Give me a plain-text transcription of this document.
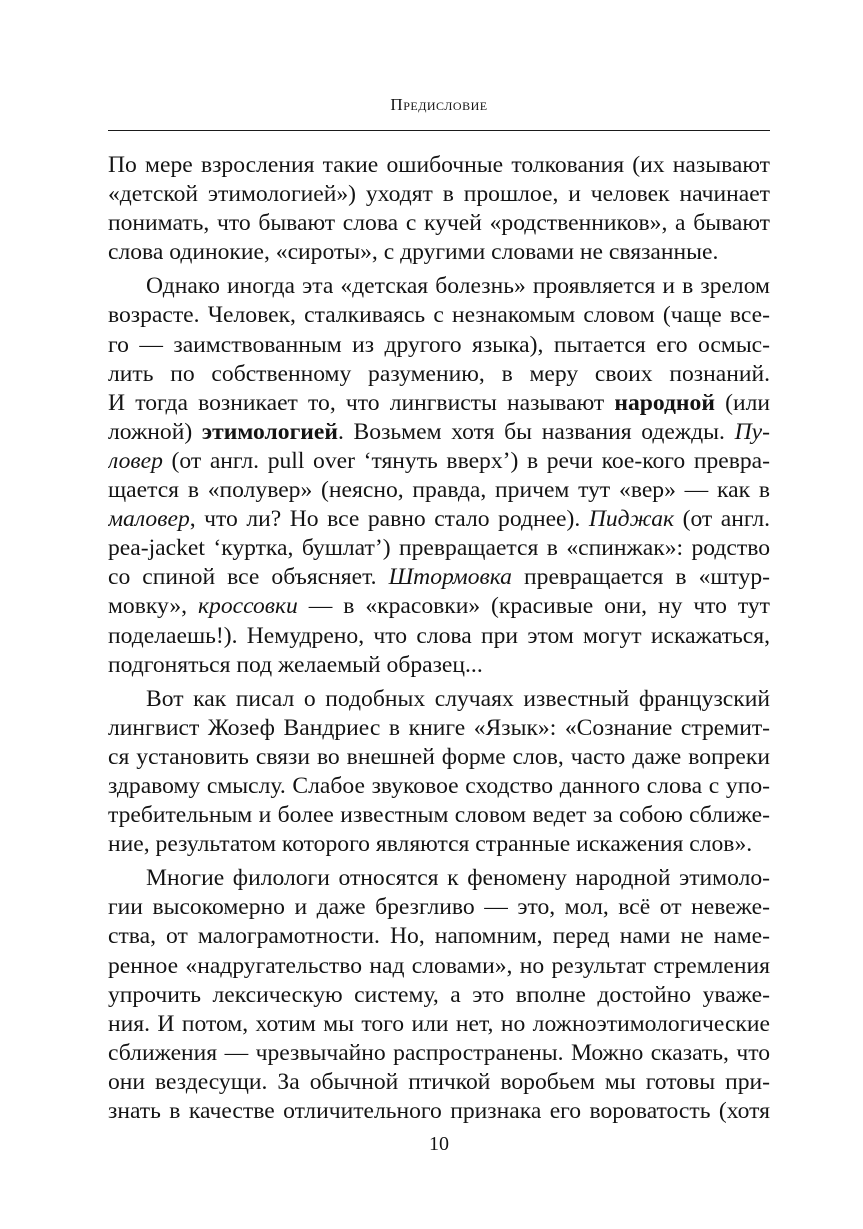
Предисловие
По мере взросления такие ошибочные толкования (их называют
«детской этимологией») уходят в прошлое, и человек начинает
понимать, что бывают слова с кучей «родственников», а бывают
слова одинокие, «сироты», с другими словами не связанные.
Однако иногда эта «детская болезнь» проявляется и в зрелом
возрасте. Человек, сталкиваясь с незнакомым словом (чаще все-
го — заимствованным из другого языка), пытается его осмыс-
лить по собственному разумению, в меру своих познаний.
И тогда возникает то, что лингвисты называют народной (или
ложной) этимологией. Возьмем хотя бы названия одежды. Пу-
ловер (от англ. pull over ‘тянуть вверх’) в речи кое-кого превра-
щается в «полувер» (неясно, правда, причем тут «вер» — как в
маловер, что ли? Но все равно стало роднее). Пиджак (от англ.
pea-jacket ‘куртка, бушлат’) превращается в «спинжак»: родство
со спиной все объясняет. Штормовка превращается в «штур-
мовку», кроссовки — в «красовки» (красивые они, ну что тут
поделаешь!). Немудрено, что слова при этом могут искажаться,
подгоняться под желаемый образец...
Вот как писал о подобных случаях известный французский
лингвист Жозеф Вандриес в книге «Язык»: «Сознание стремит-
ся установить связи во внешней форме слов, часто даже вопреки
здравому смыслу. Слабое звуковое сходство данного слова с упо-
требительным и более известным словом ведет за собою сближе-
ние, результатом которого являются странные искажения слов».
Многие филологи относятся к феномену народной этимоло-
гии высокомерно и даже брезгливо — это, мол, всё от невеже-
ства, от малограмотности. Но, напомним, перед нами не наме-
ренное «надругательство над словами», но результат стремления
упрочить лексическую систему, а это вполне достойно уваже-
ния. И потом, хотим мы того или нет, но ложноэтимологические
сближения — чрезвычайно распространены. Можно сказать, что
они вездесущи. За обычной птичкой воробьем мы готовы при-
знать в качестве отличительного признака его вороватость (хотя
10
